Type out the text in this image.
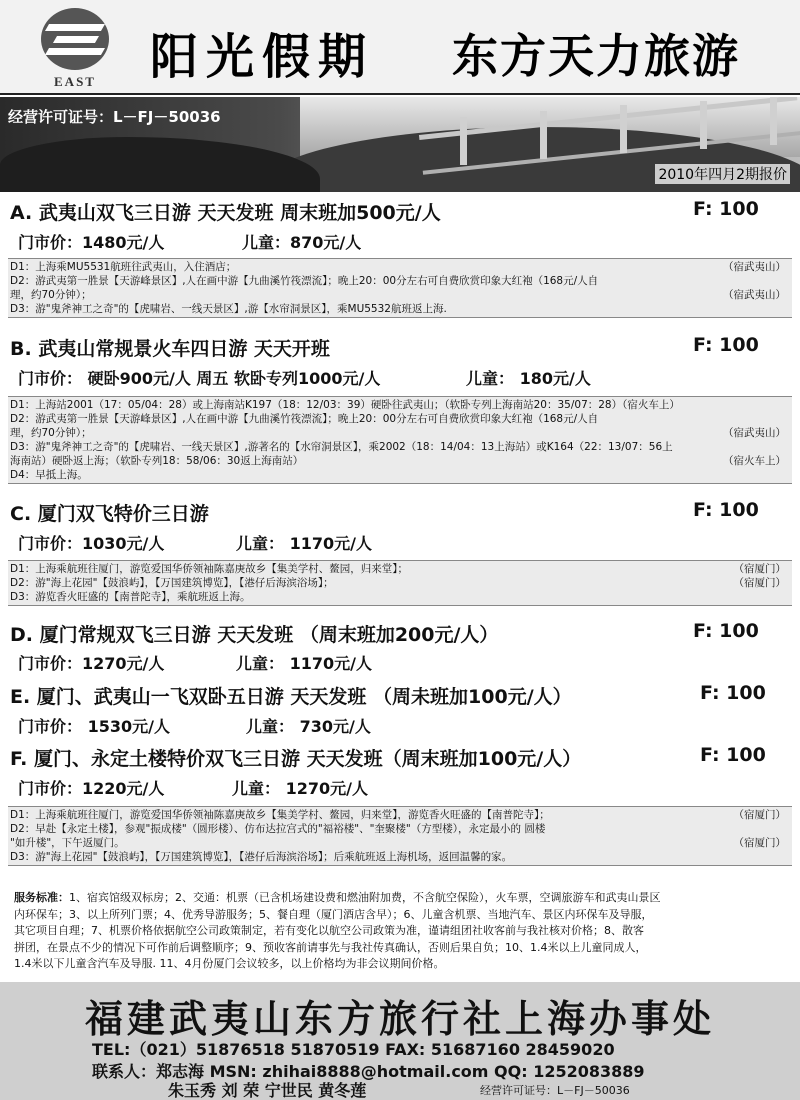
EAST	阳光假期 东方天力旅游
经营许可证号：L－FJ－50036
2010年四月2期报价
A. 武夷山双飞三日游 天天发班 周末班加500元/人	F: 100
门市价：1480元/人	儿童：870元/人
D1：上海乘MU5531航班往武夷山，入住酒店；	（宿武夷山）
D2：游武夷第一胜景【天游峰景区】,人在画中游【九曲溪竹筏漂流】；晚上20：00分左右可自费欣赏印象大红袍（168元/人自
理，约70分钟）；	（宿武夷山）
D3：游"鬼斧神工之奇"的【虎啸岩、一线天景区】,游【水帘洞景区】，乘MU5532航班返上海.
B. 武夷山常规景火车四日游 天天开班	F: 100
门市价： 硬卧900元/人 周五 软卧专列1000元/人	儿童： 180元/人
D1：上海站2001（17：05/04：28）或上海南站K197（18：12/03：39）硬卧往武夷山；（软卧专列上海南站20：35/07：28）（宿火车上）
D2：游武夷第一胜景【天游峰景区】,人在画中游【九曲溪竹筏漂流】；晚上20：00分左右可自费欣赏印象大红袍（168元/人自
理，约70分钟）；	（宿武夷山）
D3：游"鬼斧神工之奇"的【虎啸岩、一线天景区】,游著名的【水帘洞景区】，乘2002（18：14/04：13上海站）或K164（22：13/07：56上
海南站）硬卧返上海；（软卧专列18：58/06：30返上海南站）	（宿火车上）
D4：早抵上海。
C. 厦门双飞特价三日游	F: 100
门市价：1030元/人	儿童： 1170元/人
D1：上海乘航班往厦门，游览爱国华侨领袖陈嘉庚故乡【集美学村、鳌园，归来堂】；	（宿厦门）
D2：游"海上花园"【鼓浪屿】，【万国建筑博览】，【港仔后海滨浴场】；	（宿厦门）
D3：游览香火旺盛的【南普陀寺】，乘航班返上海。
D. 厦门常规双飞三日游 天天发班 （周末班加200元/人）	F: 100
门市价：1270元/人	儿童： 1170元/人
E. 厦门、武夷山一飞双卧五日游 天天发班 （周未班加100元/人）	F: 100
门市价： 1530元/人	儿童： 730元/人
F. 厦门、永定土楼特价双飞三日游 天天发班（周末班加100元/人）	F: 100
门市价：1220元/人	儿童： 1270元/人
D1：上海乘航班往厦门，游览爱国华侨领袖陈嘉庚故乡【集美学村、鳌园，归来堂】，游览香火旺盛的【南普陀寺】；	（宿厦门）
D2：早赴【永定土楼】，参观"振成楼"（圆形楼）、仿布达拉宫式的"福裕楼"、"奎聚楼"（方型楼），永定最小的 圆楼
"如升楼"，下午返厦门。	（宿厦门）
D3：游"海上花园"【鼓浪屿】，【万国建筑博览】，【港仔后海滨浴场】；后乘航班返上海机场，返回温馨的家。

服务标准：1、宿宾馆级双标房；2、交通：机票（已含机场建设费和燃油附加费，不含航空保险），火车票，空调旅游车和武夷山景区

内环保车；3、以上所列门票；4、优秀导游服务；5、餐自理（厦门酒店含早）；6、儿童含机票、当地汽车、景区内环保车及导服，

其它项目自理；7、机票价格依据航空公司政策制定，若有变化以航空公司政策为准，谨请组团社收客前与我社核对价格；8、散客

拼团，在景点不少的情况下可作前后调整顺序；9、预收客前请事先与我社传真确认，否则后果自负；10、1.4米以上儿童同成人，

1.4米以下儿童含汽车及导服. 11、4月份厦门会议较多，以上价格均为非会议期间价格。

福建武夷山东方旅行社上海办事处
TEL:（021）51876518 51870519 FAX: 51687160 28459020
联系人：郑志海 MSN: zhihai8888@hotmail.com QQ: 1252083889
朱玉秀 刘 荣 宁世民 黄冬莲	经营许可证号：L－FJ－50036
